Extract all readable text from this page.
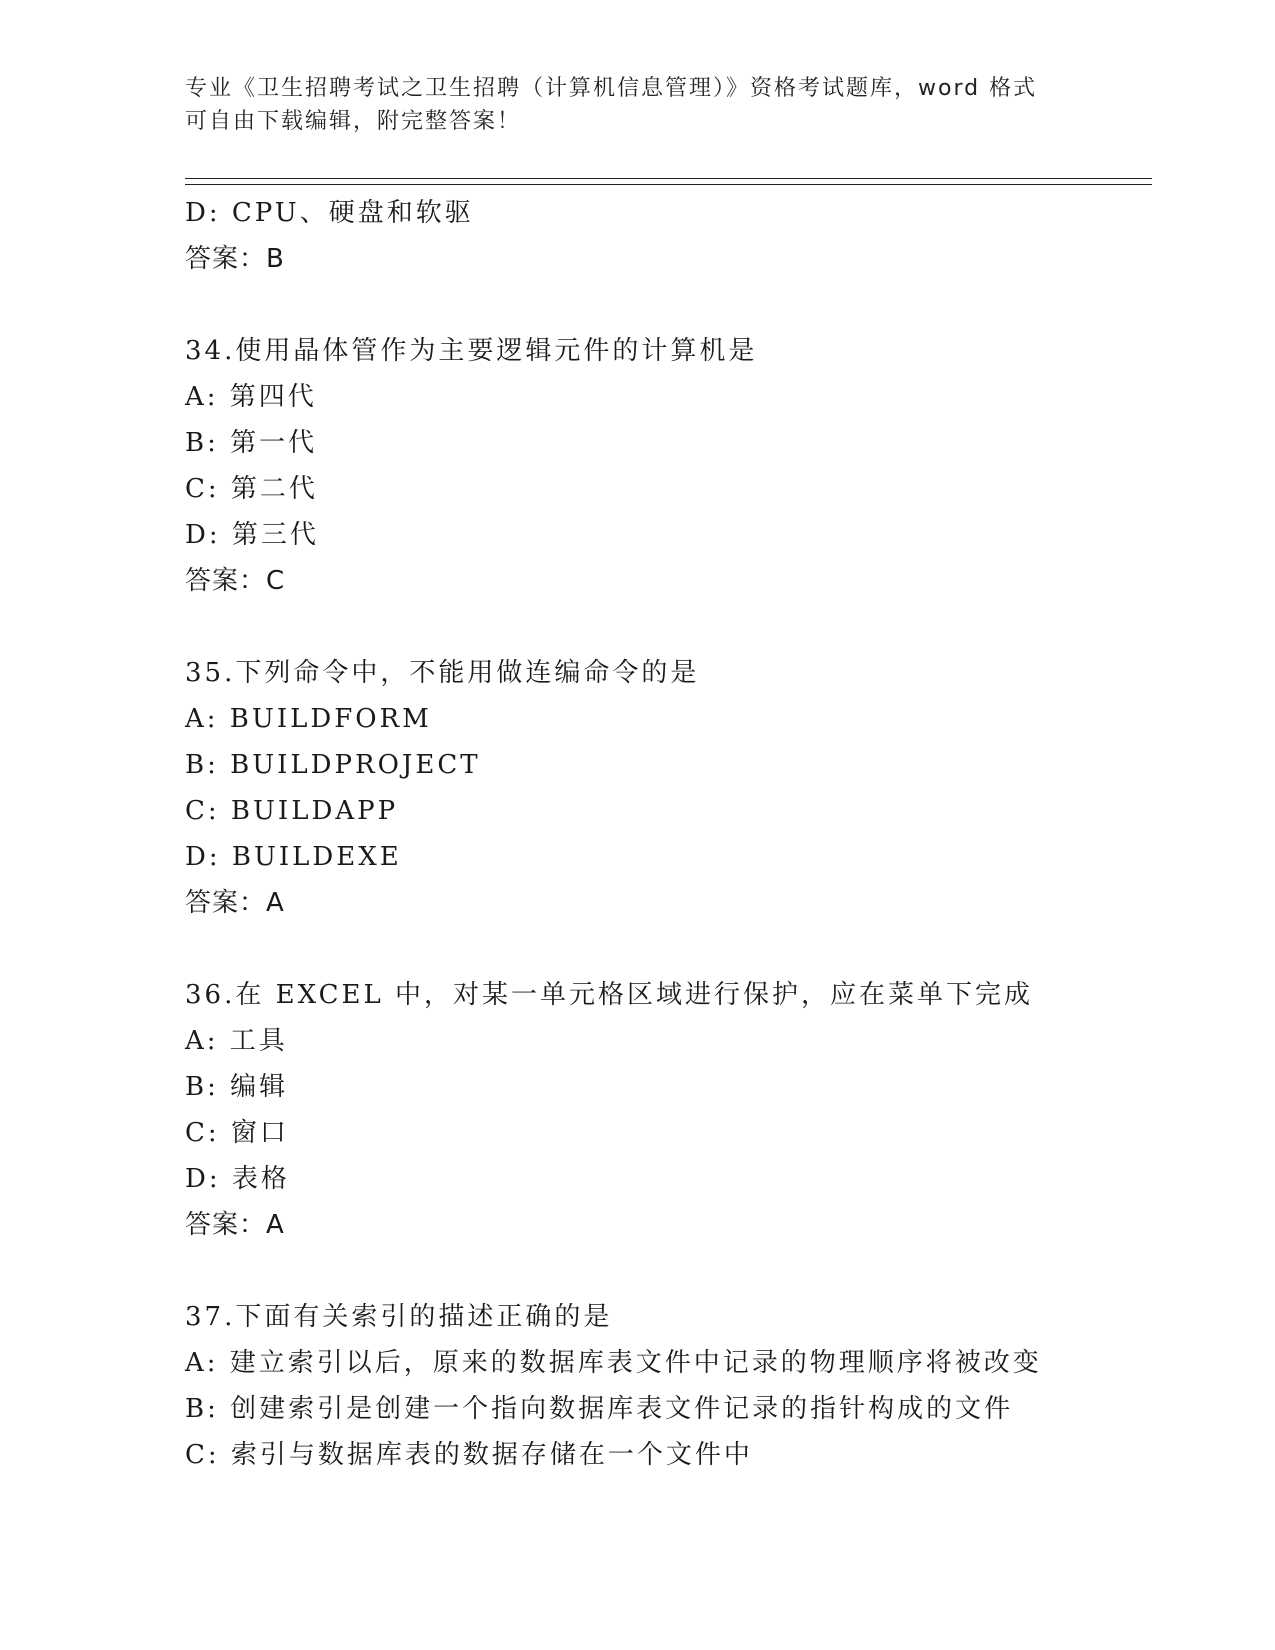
专业《卫生招聘考试之卫生招聘（计算机信息管理）》资格考试题库，word 格式
可自由下载编辑，附完整答案！
D: CPU、硬盘和软驱
答案：B
34.使用晶体管作为主要逻辑元件的计算机是
A: 第四代
B: 第一代
C: 第二代
D: 第三代
答案：C
35.下列命令中，不能用做连编命令的是
A: BUILDFORM
B: BUILDPROJECT
C: BUILDAPP
D: BUILDEXE
答案：A
36.在 EXCEL 中，对某一单元格区域进行保护，应在菜单下完成
A: 工具
B: 编辑
C: 窗口
D: 表格
答案：A
37.下面有关索引的描述正确的是
A: 建立索引以后，原来的数据库表文件中记录的物理顺序将被改变
B: 创建索引是创建一个指向数据库表文件记录的指针构成的文件
C: 索引与数据库表的数据存储在一个文件中
